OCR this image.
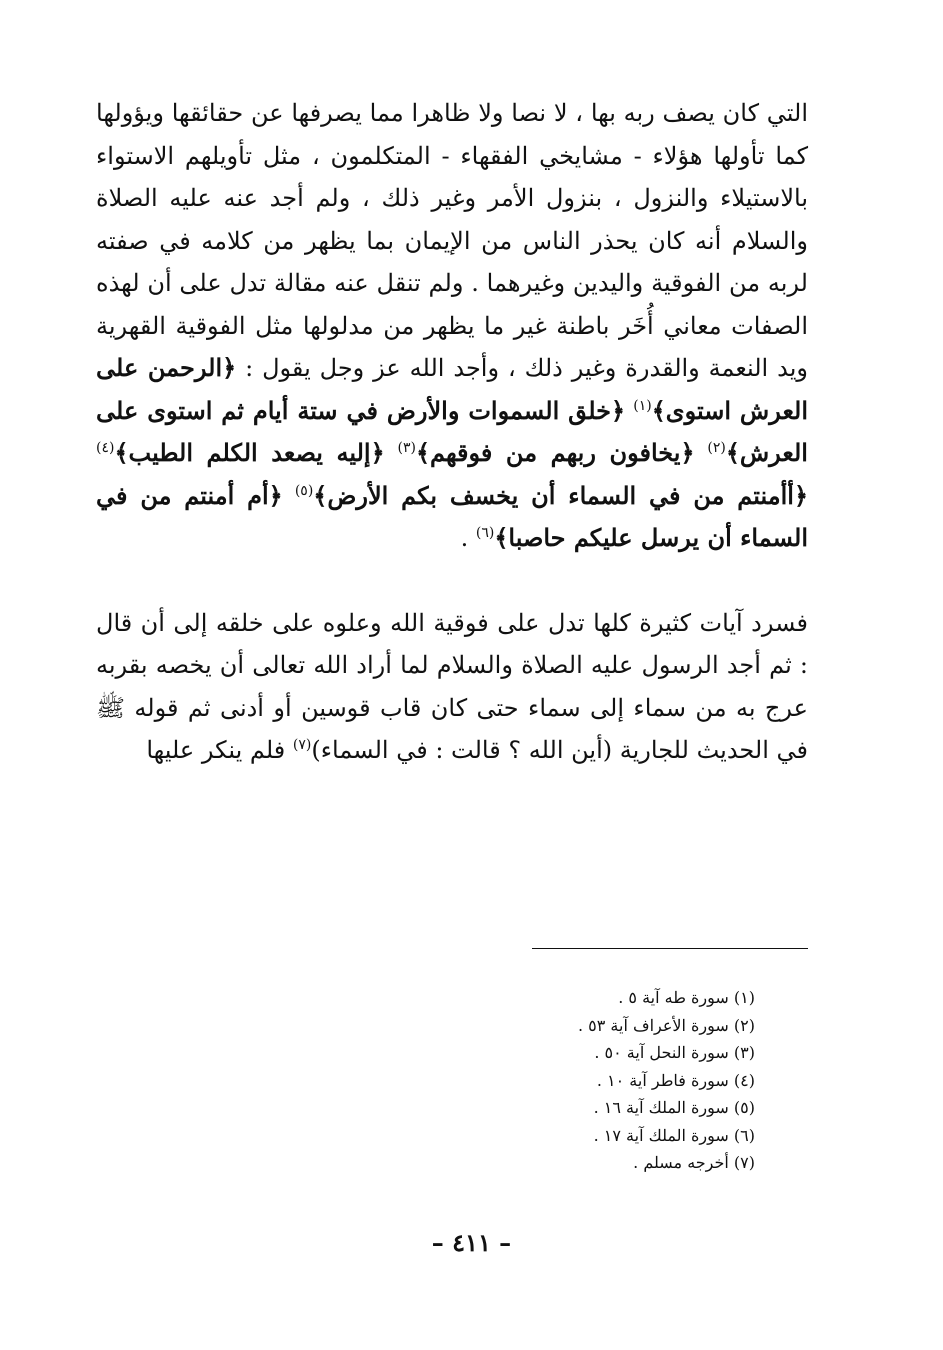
التي كان يصف ربه بها ، لا نصا ولا ظاهرا مما يصرفها عن حقائقها ويؤولها كما تأولها هؤلاء - مشايخي الفقهاء - المتكلمون ، مثل تأويلهم الاستواء بالاستيلاء والنزول ، بنزول الأمر وغير ذلك ، ولم أجد عنه عليه الصلاة والسلام أنه كان يحذر الناس من الإيمان بما يظهر من كلامه في صفته لربه من الفوقية واليدين وغيرهما . ولم تنقل عنه مقالة تدل على أن لهذه الصفات معاني أُخَر باطنة غير ما يظهر من مدلولها مثل الفوقية القهرية ويد النعمة والقدرة وغير ذلك ، وأجد الله عز وجل يقول : ﴿الرحمن على العرش استوى﴾$^{(١)}$ ﴿خلق السموات والأرض في ستة أيام ثم استوى على العرش﴾$^{(٢)}$ ﴿يخافون ربهم من فوقهم﴾$^{(٣)}$ ﴿إليه يصعد الكلم الطيب﴾$^{(٤)}$ ﴿أأمنتم من في السماء أن يخسف بكم الأرض﴾$^{(٥)}$ ﴿أم أمنتم من في السماء أن يرسل عليكم حاصبا﴾$^{(٦)}$ .

فسرد آيات كثيرة كلها تدل على فوقية الله وعلوه على خلقه إلى أن قال : ثم أجد الرسول عليه الصلاة والسلام لما أراد الله تعالى أن يخصه بقربه عرج به من سماء إلى سماء حتى كان قاب قوسين أو أدنى ثم قوله ﷺ في الحديث للجارية (أين الله ؟ قالت : في السماء)$^{(٧)}$ فلم ينكر عليها

(١) سورة طه آية ٥ .

(٢) سورة الأعراف آية ٥٣ .

(٣) سورة النحل آية ٥٠ .

(٤) سورة فاطر آية ١٠ .

(٥) سورة الملك آية ١٦ .

(٦) سورة الملك آية ١٧ .

(٧) أخرجه مسلم .

– ٤١١ –
